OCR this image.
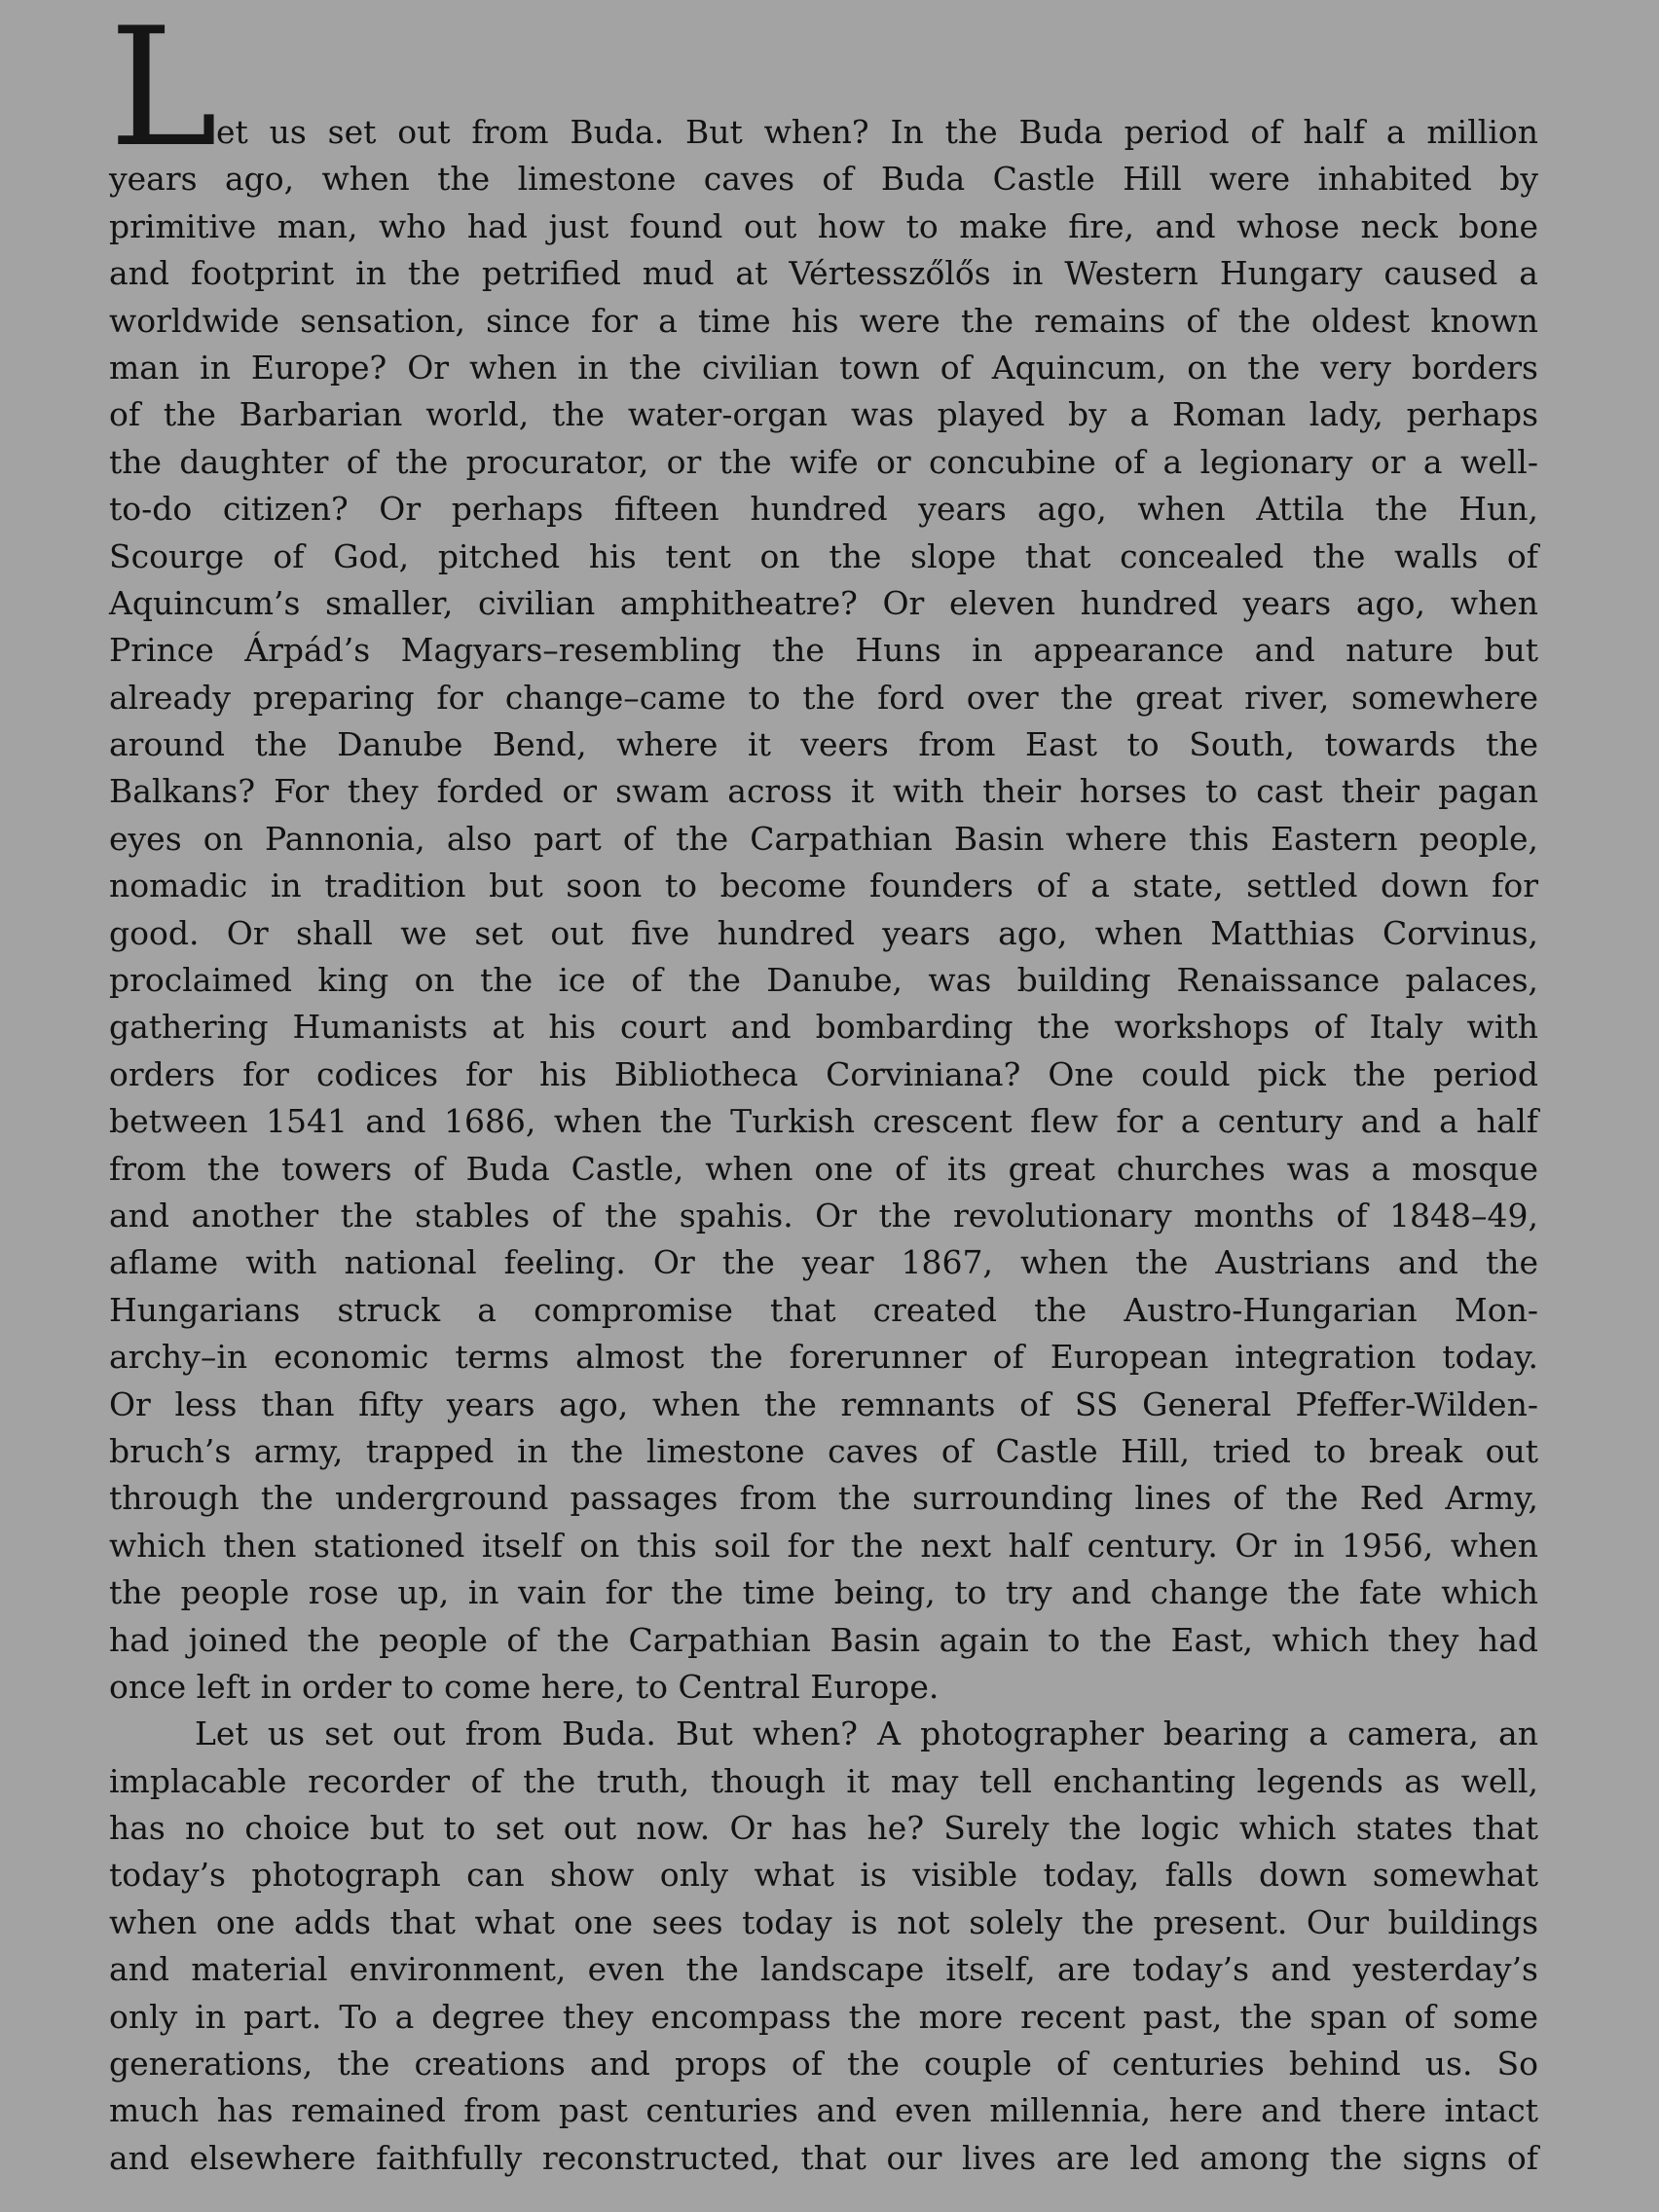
L
et us set out from Buda. But when? In the Buda period of half a million
years ago, when the limestone caves of Buda Castle Hill were inhabited by
primitive man, who had just found out how to make fire, and whose neck bone
and footprint in the petrified mud at Vértesszőlős in Western Hungary caused a
worldwide sensation, since for a time his were the remains of the oldest known
man in Europe? Or when in the civilian town of Aquincum, on the very borders
of the Barbarian world, the water-organ was played by a Roman lady, perhaps
the daughter of the procurator, or the wife or concubine of a legionary or a well-
to-do citizen? Or perhaps fifteen hundred years ago, when Attila the Hun,
Scourge of God, pitched his tent on the slope that concealed the walls of
Aquincum’s smaller, civilian amphitheatre? Or eleven hundred years ago, when
Prince Árpád’s Magyars–resembling the Huns in appearance and nature but
already preparing for change–came to the ford over the great river, somewhere
around the Danube Bend, where it veers from East to South, towards the
Balkans? For they forded or swam across it with their horses to cast their pagan
eyes on Pannonia, also part of the Carpathian Basin where this Eastern people,
nomadic in tradition but soon to become founders of a state, settled down for
good. Or shall we set out five hundred years ago, when Matthias Corvinus,
proclaimed king on the ice of the Danube, was building Renaissance palaces,
gathering Humanists at his court and bombarding the workshops of Italy with
orders for codices for his Bibliotheca Corviniana? One could pick the period
between 1541 and 1686, when the Turkish crescent flew for a century and a half
from the towers of Buda Castle, when one of its great churches was a mosque
and another the stables of the spahis. Or the revolutionary months of 1848–49,
aflame with national feeling. Or the year 1867, when the Austrians and the
Hungarians struck a compromise that created the Austro-Hungarian Mon-
archy–in economic terms almost the forerunner of European integration today.
Or less than fifty years ago, when the remnants of SS General Pfeffer-Wilden-
bruch’s army, trapped in the limestone caves of Castle Hill, tried to break out
through the underground passages from the surrounding lines of the Red Army,
which then stationed itself on this soil for the next half century. Or in 1956, when
the people rose up, in vain for the time being, to try and change the fate which
had joined the people of the Carpathian Basin again to the East, which they had
once left in order to come here, to Central Europe.
Let us set out from Buda. But when? A photographer bearing a camera, an
implacable recorder of the truth, though it may tell enchanting legends as well,
has no choice but to set out now. Or has he? Surely the logic which states that
today’s photograph can show only what is visible today, falls down somewhat
when one adds that what one sees today is not solely the present. Our buildings
and material environment, even the landscape itself, are today’s and yesterday’s
only in part. To a degree they encompass the more recent past, the span of some
generations, the creations and props of the couple of centuries behind us. So
much has remained from past centuries and even millennia, here and there intact
and elsewhere faithfully reconstructed, that our lives are led among the signs of
